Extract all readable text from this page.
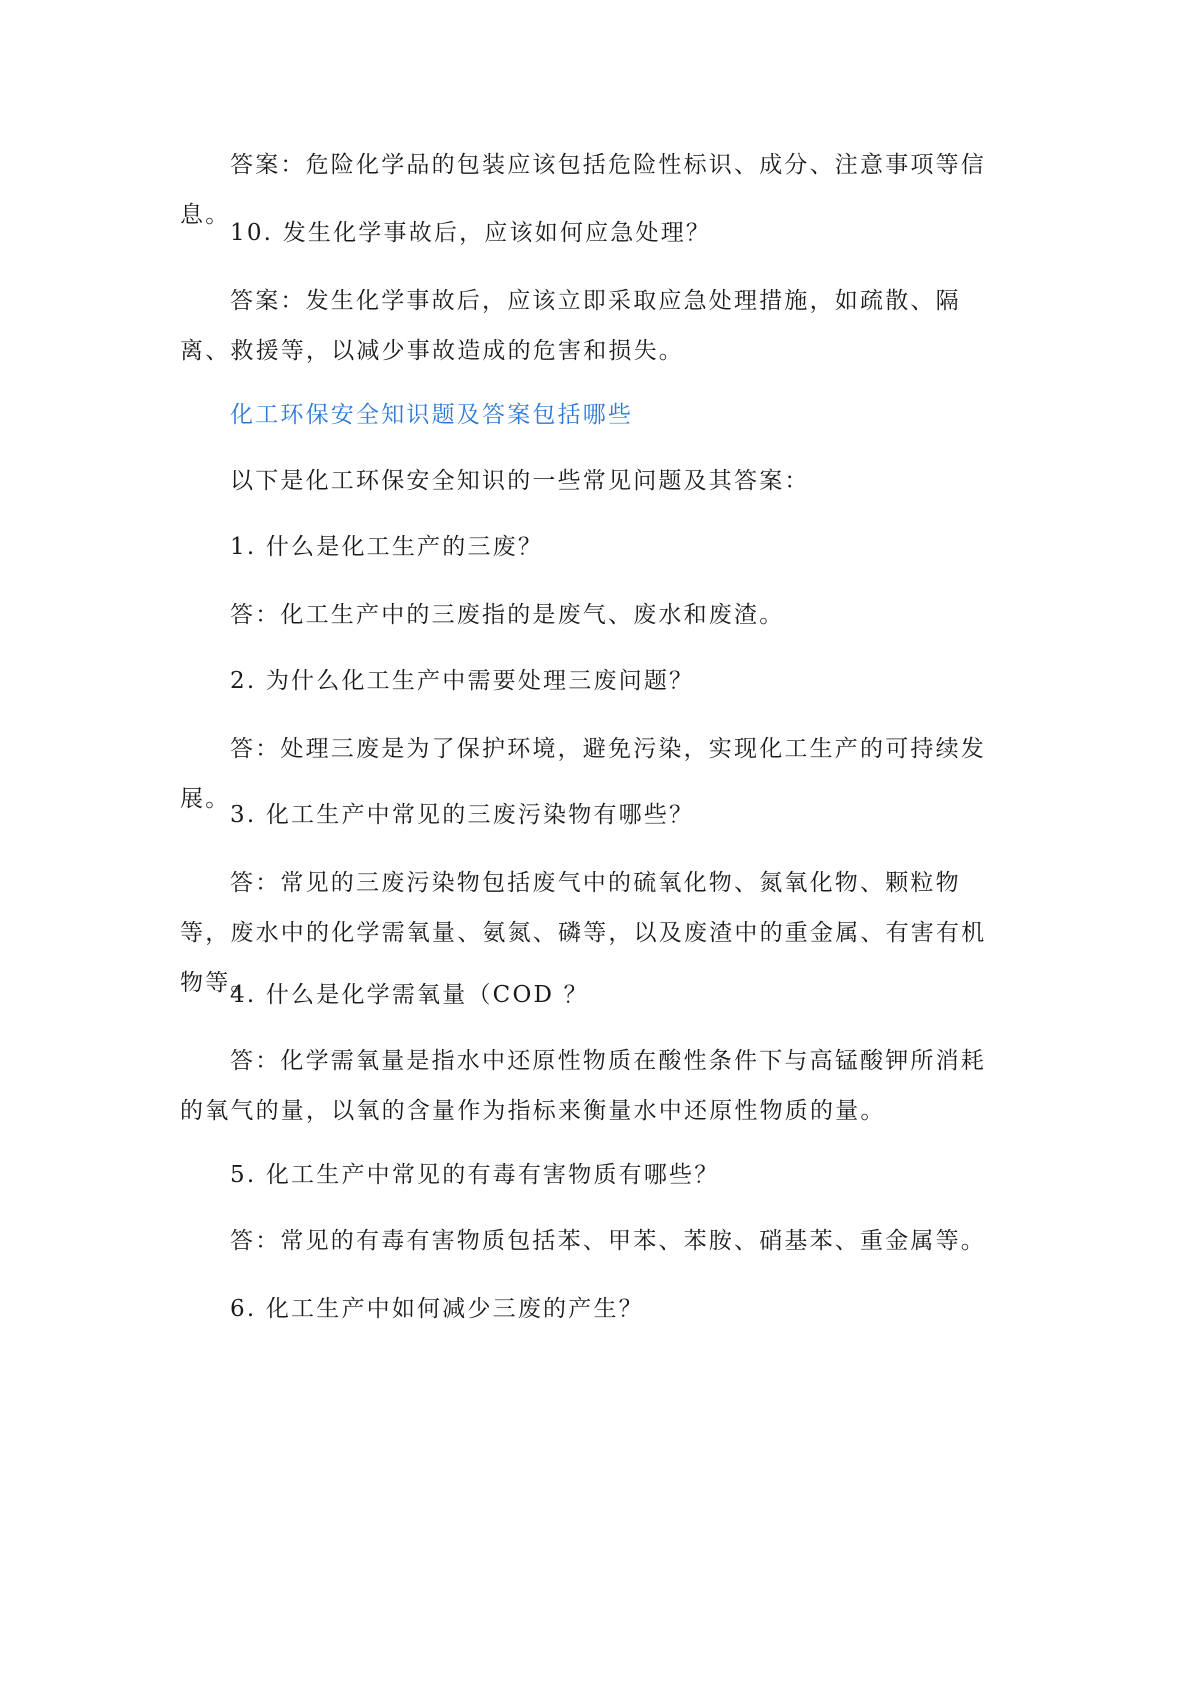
答案：危险化学品的包装应该包括危险性标识、成分、注意事项等信息。

10. 发生化学事故后，应该如何应急处理？

答案：发生化学事故后，应该立即采取应急处理措施，如疏散、隔离、救援等，以减少事故造成的危害和损失。

化工环保安全知识题及答案包括哪些

以下是化工环保安全知识的一些常见问题及其答案：

1. 什么是化工生产的三废？

答：化工生产中的三废指的是废气、废水和废渣。

2. 为什么化工生产中需要处理三废问题？

答：处理三废是为了保护环境，避免污染，实现化工生产的可持续发展。

3. 化工生产中常见的三废污染物有哪些？

答：常见的三废污染物包括废气中的硫氧化物、氮氧化物、颗粒物等，废水中的化学需氧量、氨氮、磷等，以及废渣中的重金属、有害有机物等。

4. 什么是化学需氧量（COD ？

答：化学需氧量是指水中还原性物质在酸性条件下与高锰酸钾所消耗的氧气的量，以氧的含量作为指标来衡量水中还原性物质的量。

5. 化工生产中常见的有毒有害物质有哪些？

答：常见的有毒有害物质包括苯、甲苯、苯胺、硝基苯、重金属等。

6. 化工生产中如何减少三废的产生？
